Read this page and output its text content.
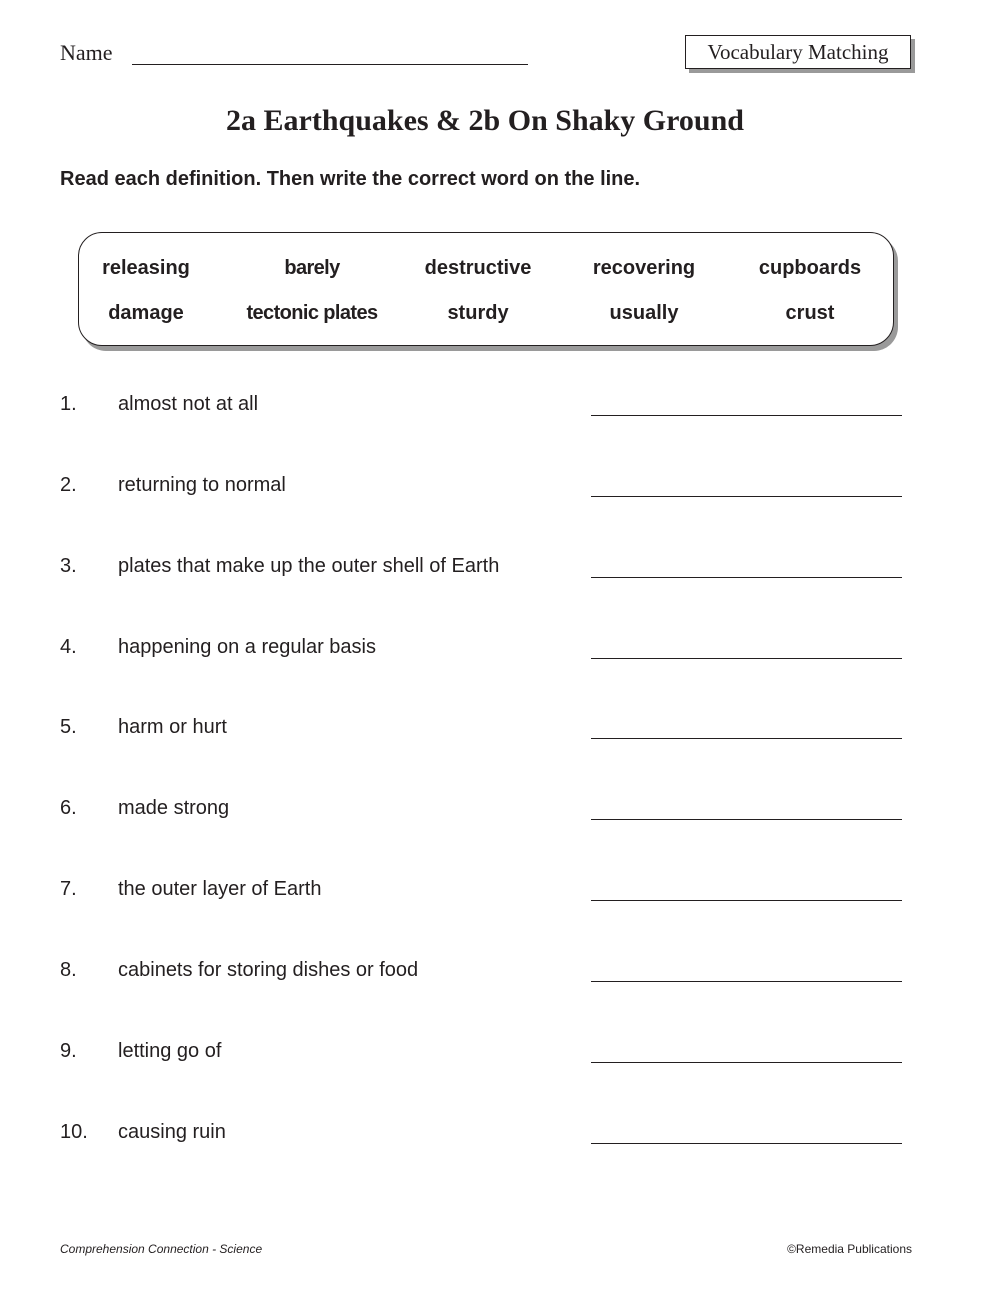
Name	Vocabulary Matching
2a Earthquakes & 2b On Shaky Ground
Read each definition. Then write the correct word on the line.
releasing	barely	destructive	recovering	cupboards
damage	tectonic plates	sturdy	usually	crust
1. almost not at all
2. returning to normal
3. plates that make up the outer shell of Earth
4. happening on a regular basis
5. harm or hurt
6. made strong
7. the outer layer of Earth
8. cabinets for storing dishes or food
9. letting go of
10. causing ruin
Comprehension Connection - Science	©Remedia Publications
